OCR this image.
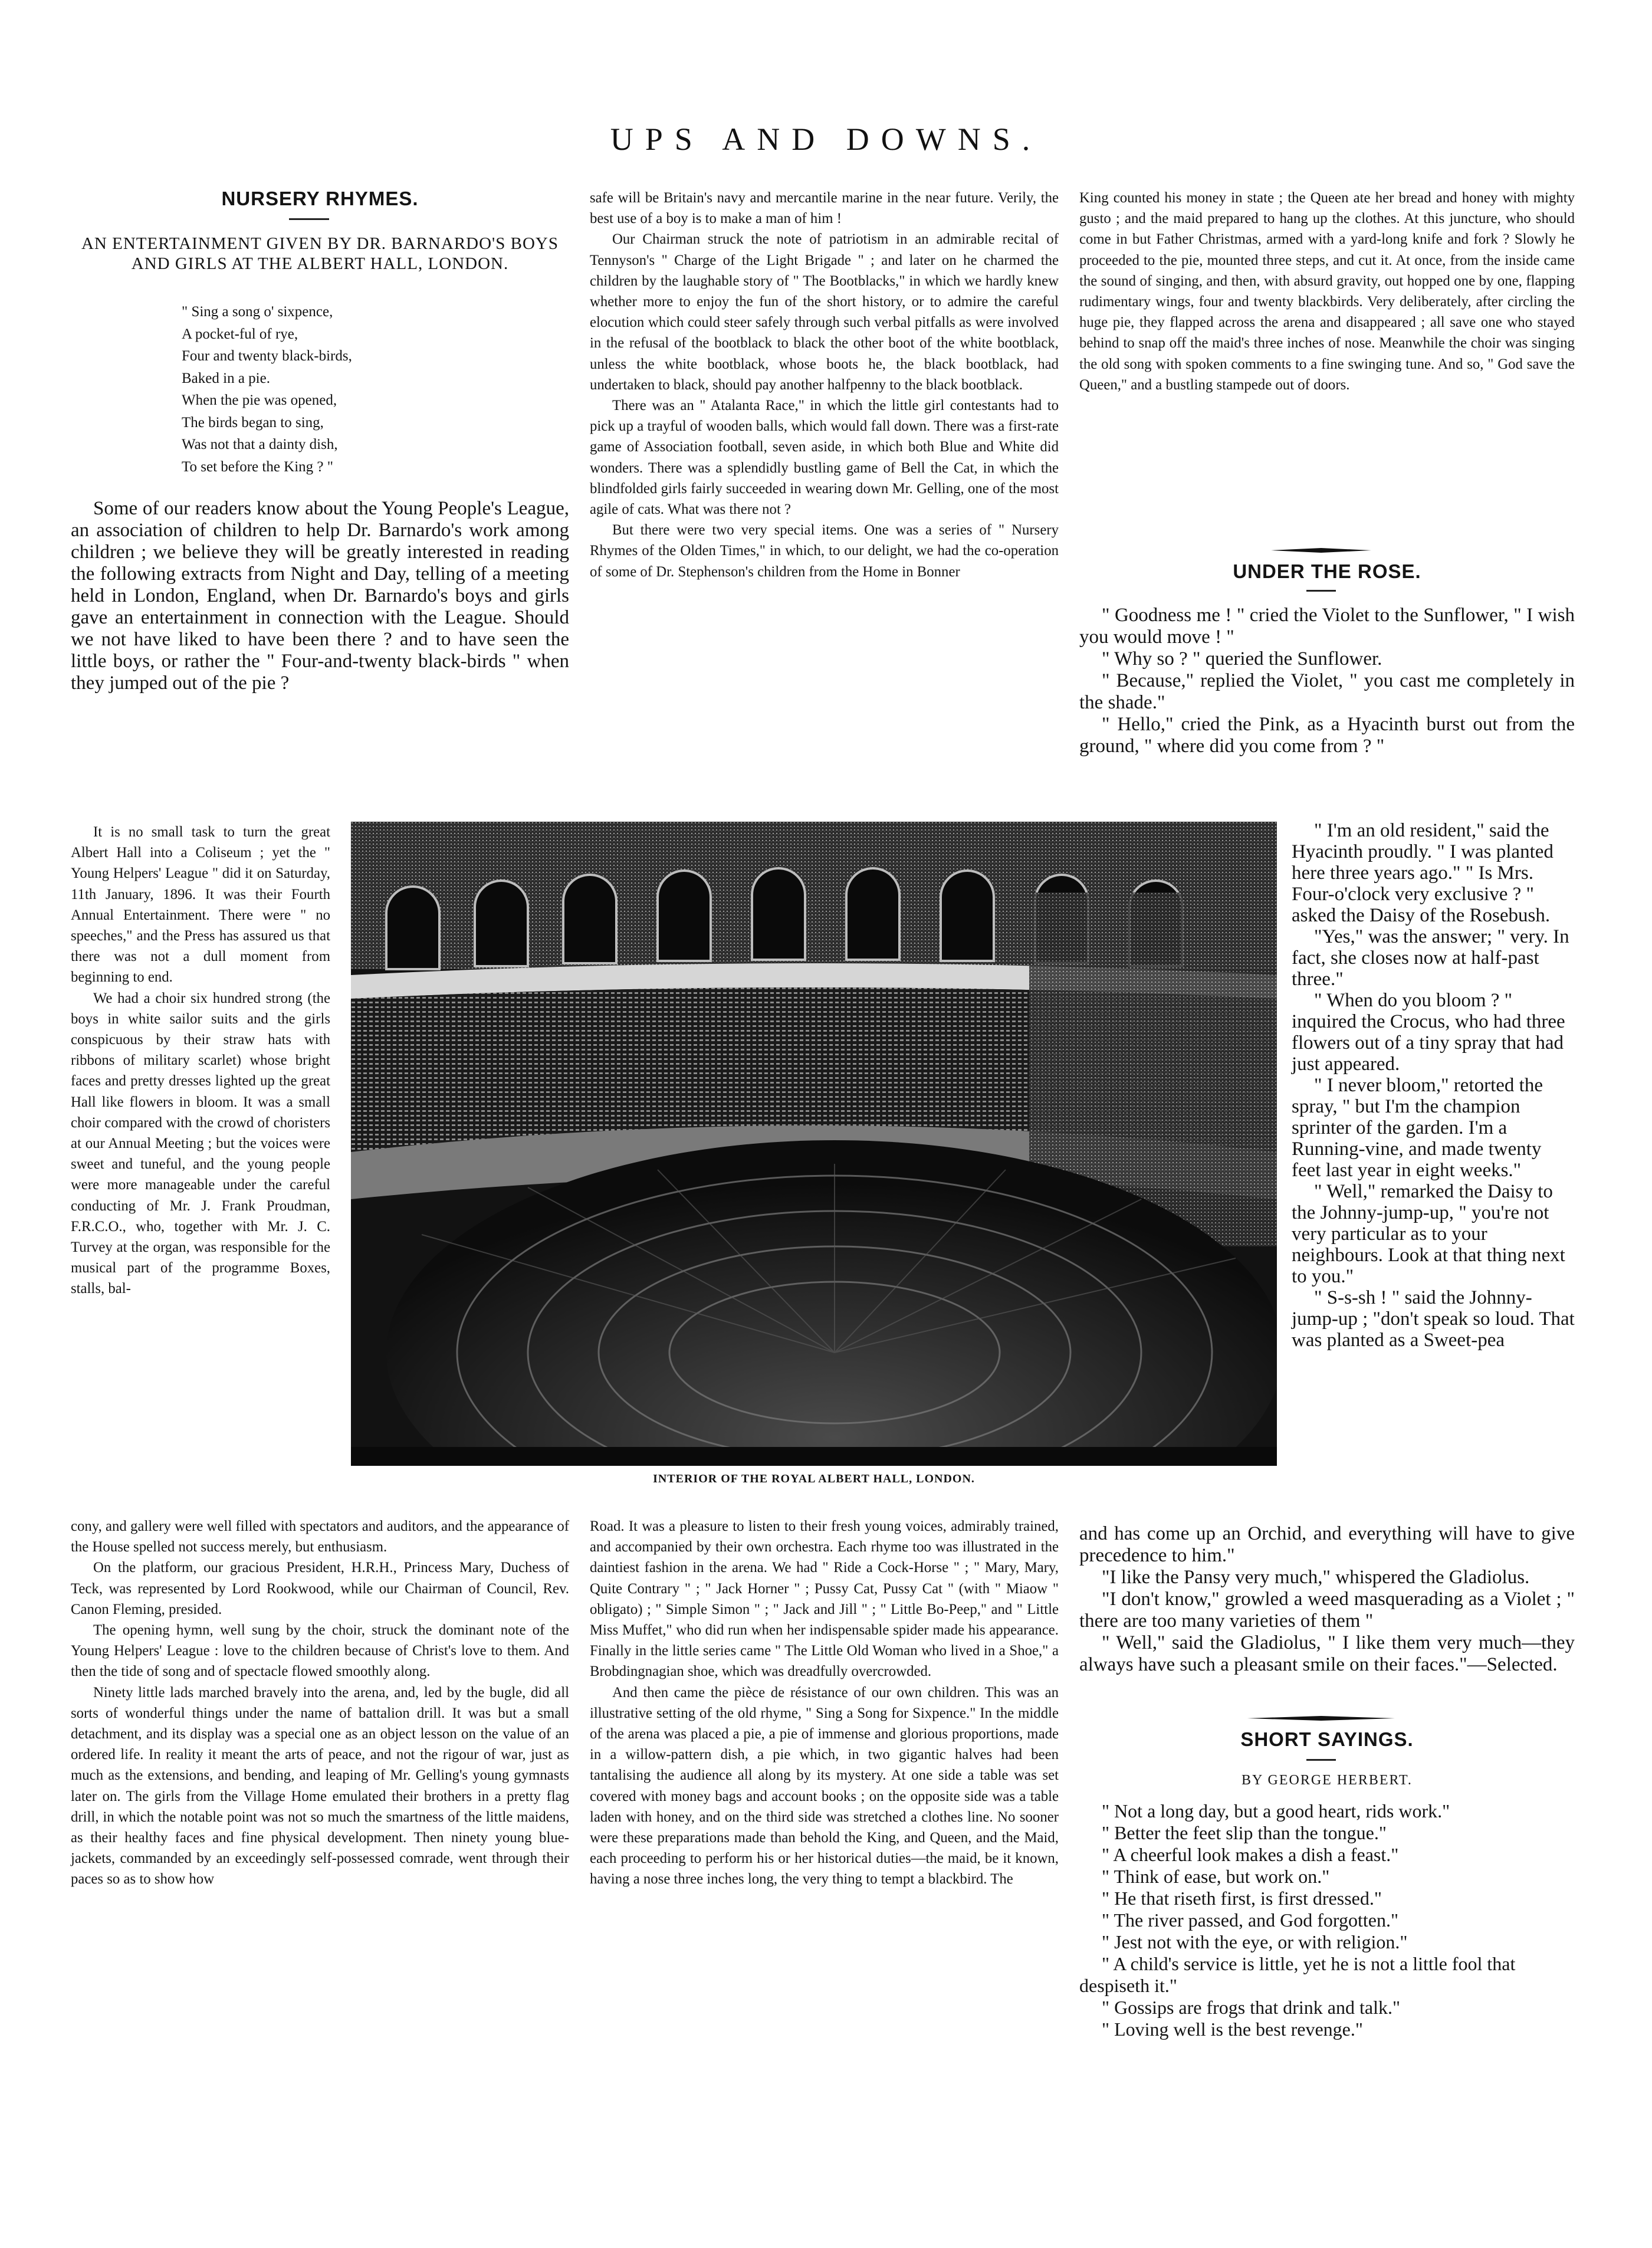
UPS AND DOWNS.
NURSERY RHYMES.
AN ENTERTAINMENT GIVEN BY DR. BARNARDO'S BOYS AND GIRLS AT THE ALBERT HALL, LONDON.
" Sing a song o' sixpence,
A pocket-ful of rye,
Four and twenty black-birds,
Baked in a pie.
When the pie was opened,
The birds began to sing,
Was not that a dainty dish,
To set before the King ? "

Some of our readers know about the Young People's League, an association of children to help Dr. Barnardo's work among children ; we believe they will be greatly interested in reading the following extracts from Night and Day, telling of a meeting held in London, England, when Dr. Barnardo's boys and girls gave an entertainment in connection with the League. Should we not have liked to have been there ? and to have seen the little boys, or rather the " Four-and-twenty black-birds " when they jumped out of the pie ?

It is no small task to turn the great Albert Hall into a Coliseum ; yet the " Young Helpers' League " did it on Saturday, 11th January, 1896. It was their Fourth Annual Entertainment. There were " no speeches," and the Press has assured us that there was not a dull moment from beginning to end.
We had a choir six hundred strong (the boys in white sailor suits and the girls conspicuous by their straw hats with ribbons of military scarlet) whose bright faces and pretty dresses lighted up the great Hall like flowers in bloom. It was a small choir compared with the crowd of choristers at our Annual Meeting ; but the voices were sweet and tuneful, and the young people were more manageable under the careful conducting of Mr. J. Frank Proudman, F.R.C.O., who, together with Mr. J. C. Turvey at the organ, was responsible for the musical part of the programme Boxes, stalls, bal-
cony, and gallery were well filled with spectators and auditors, and the appearance of the House spelled not success merely, but enthusiasm.
On the platform, our gracious President, H.R.H., Princess Mary, Duchess of Teck, was represented by Lord Rookwood, while our Chairman of Council, Rev. Canon Fleming, presided.
The opening hymn, well sung by the choir, struck the dominant note of the Young Helpers' League : love to the children because of Christ's love to them. And then the tide of song and of spectacle flowed smoothly along.
Ninety little lads marched bravely into the arena, and, led by the bugle, did all sorts of wonderful things under the name of battalion drill. It was but a small detachment, and its display was a special one as an object lesson on the value of an ordered life. In reality it meant the arts of peace, and not the rigour of war, just as much as the extensions, and bending, and leaping of Mr. Gelling's young gymnasts later on. The girls from the Village Home emulated their brothers in a pretty flag drill, in which the notable point was not so much the smartness of the little maidens, as their healthy faces and fine physical development. Then ninety young blue-jackets, commanded by an exceedingly self-possessed comrade, went through their paces so as to show how
safe will be Britain's navy and mercantile marine in the near future. Verily, the best use of a boy is to make a man of him !
Our Chairman struck the note of patriotism in an admirable recital of Tennyson's " Charge of the Light Brigade " ; and later on he charmed the children by the laughable story of " The Bootblacks," in which we hardly knew whether more to enjoy the fun of the short history, or to admire the careful elocution which could steer safely through such verbal pitfalls as were involved in the refusal of the bootblack to black the other boot of the white bootblack, unless the white bootblack, whose boots he, the black bootblack, had undertaken to black, should pay another halfpenny to the black bootblack.
There was an " Atalanta Race," in which the little girl contestants had to pick up a trayful of wooden balls, which would fall down. There was a first-rate game of Association football, seven aside, in which both Blue and White did wonders. There was a splendidly bustling game of Bell the Cat, in which the blindfolded girls fairly succeeded in wearing down Mr. Gelling, one of the most agile of cats. What was there not ?
But there were two very special items. One was a series of " Nursery Rhymes of the Olden Times," in which, to our delight, we had the co-operation of some of Dr. Stephenson's children from the Home in Bonner
INTERIOR OF THE ROYAL ALBERT HALL, LONDON.
Road. It was a pleasure to listen to their fresh young voices, admirably trained, and accompanied by their own orchestra. Each rhyme too was illustrated in the daintiest fashion in the arena. We had " Ride a Cock-Horse " ; " Mary, Mary, Quite Contrary " ; " Jack Horner " ; Pussy Cat, Pussy Cat " (with " Miaow " obligato) ; " Simple Simon " ; " Jack and Jill " ; " Little Bo-Peep," and " Little Miss Muffet," who did run when her indispensable spider made his appearance. Finally in the little series came " The Little Old Woman who lived in a Shoe," a Brobdingnagian shoe, which was dreadfully overcrowded.
And then came the pièce de résistance of our own children. This was an illustrative setting of the old rhyme, " Sing a Song for Sixpence." In the middle of the arena was placed a pie, a pie of immense and glorious proportions, made in a willow-pattern dish, a pie which, in two gigantic halves had been tantalising the audience all along by its mystery. At one side a table was set covered with money bags and account books ; on the opposite side was a table laden with honey, and on the third side was stretched a clothes line. No sooner were these preparations made than behold the King, and Queen, and the Maid, each proceeding to perform his or her historical duties—the maid, be it known, having a nose three inches long, the very thing to tempt a blackbird. The
King counted his money in state ; the Queen ate her bread and honey with mighty gusto ; and the maid prepared to hang up the clothes. At this juncture, who should come in but Father Christmas, armed with a yard-long knife and fork ? Slowly he proceeded to the pie, mounted three steps, and cut it. At once, from the inside came the sound of singing, and then, with absurd gravity, out hopped one by one, flapping rudimentary wings, four and twenty blackbirds. Very deliberately, after circling the huge pie, they flapped across the arena and disappeared ; all save one who stayed behind to snap off the maid's three inches of nose. Meanwhile the choir was singing the old song with spoken comments to a fine swinging tune. And so, " God save the Queen," and a bustling stampede out of doors.
UNDER THE ROSE.
" Goodness me ! " cried the Violet to the Sunflower, " I wish you would move ! "
" Why so ? " queried the Sunflower.
" Because," replied the Violet, " you cast me completely in the shade."
" Hello," cried the Pink, as a Hyacinth burst out from the ground, " where did you come from ? "
" I'm an old resident," said the Hyacinth proudly. " I was planted here three years ago." " Is Mrs. Four-o'clock very exclusive ? " asked the Daisy of the Rosebush.
"Yes," was the answer; " very. In fact, she closes now at half-past three."
" When do you bloom ? " inquired the Crocus, who had three flowers out of a tiny spray that had just appeared.
" I never bloom," retorted the spray, " but I'm the champion sprinter of the garden. I'm a Running-vine, and made twenty feet last year in eight weeks."
" Well," remarked the Daisy to the Johnny-jump-up, " you're not very particular as to your neighbours. Look at that thing next to you."
" S-s-sh ! " said the Johnny-jump-up ; "don't speak so loud. That was planted as a Sweet-pea
and has come up an Orchid, and everything will have to give precedence to him."
"I like the Pansy very much," whispered the Gladiolus.
"I don't know," growled a weed masquerading as a Violet ; " there are too many varieties of them "
" Well," said the Gladiolus, " I like them very much—they always have such a pleasant smile on their faces."—Selected.
SHORT SAYINGS.
BY GEORGE HERBERT.
" Not a long day, but a good heart, rids work."
" Better the feet slip than the tongue."
" A cheerful look makes a dish a feast."
" Think of ease, but work on."
" He that riseth first, is first dressed."
" The river passed, and God forgotten."
" Jest not with the eye, or with religion."
" A child's service is little, yet he is not a little fool that despiseth it."
" Gossips are frogs that drink and talk."
" Loving well is the best revenge."
